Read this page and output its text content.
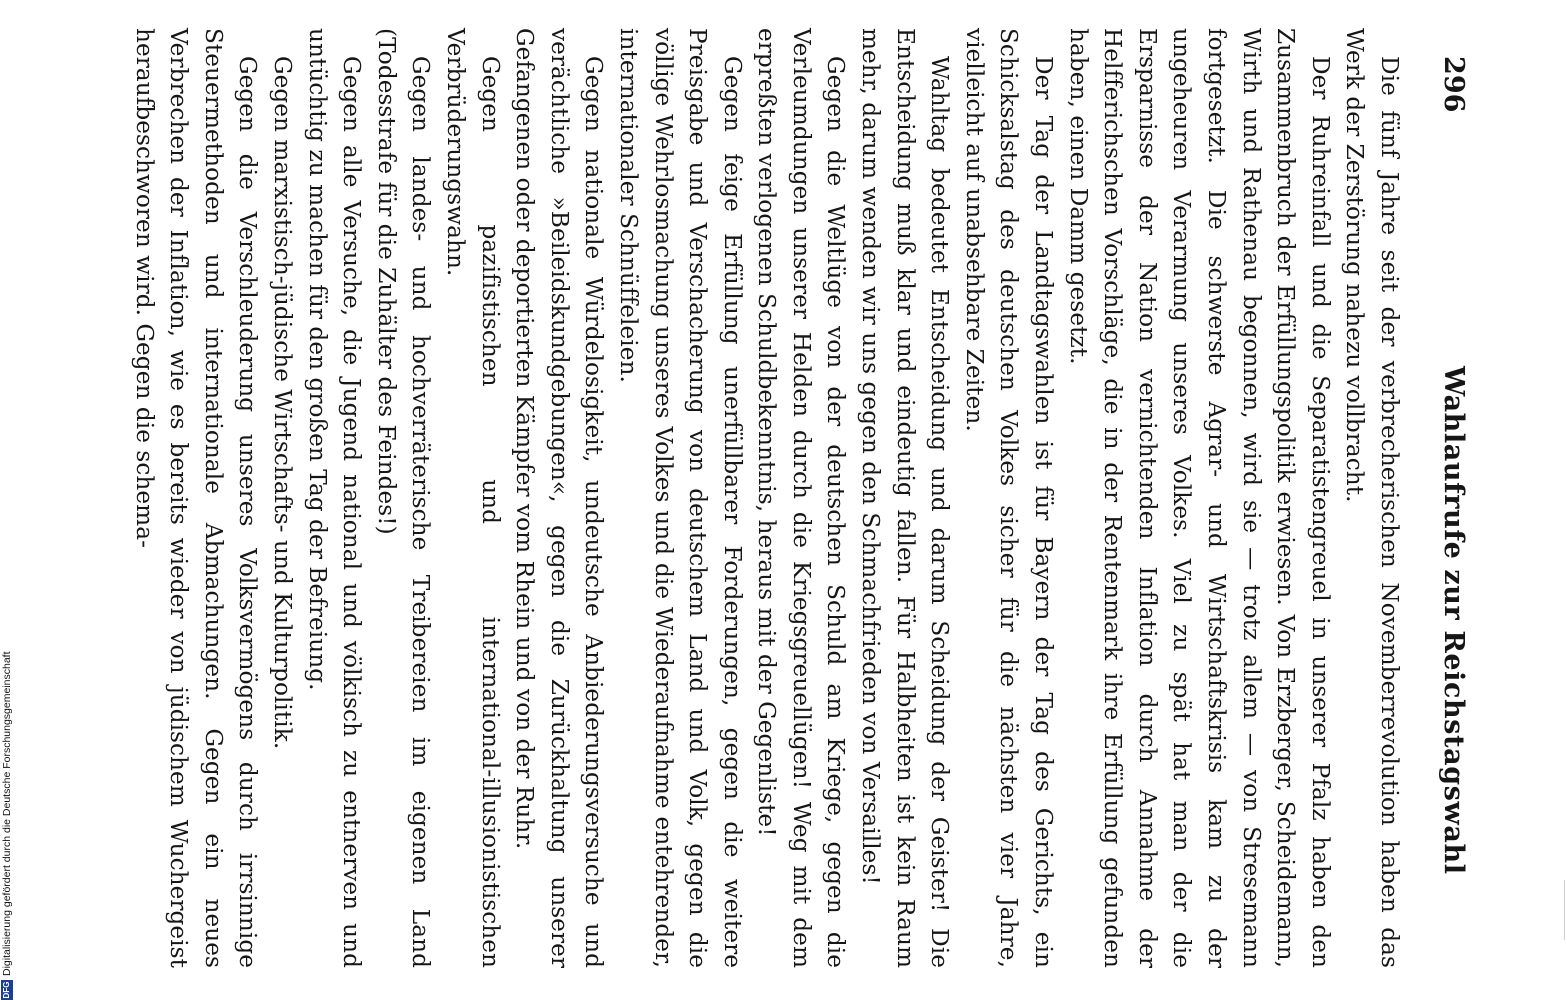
296
Wahlaufrufe zur Reichstagswahl

Die fünf Jahre seit der verbrecherischen Novemberrevolution haben das Werk der Zerstörung nahezu vollbracht.

Der Ruhreinfall und die Separatistengreuel in unserer Pfalz haben den Zusammenbruch der Erfüllungspolitik erwiesen. Von Erzberger, Scheidemann, Wirth und Rathenau begonnen, wird sie — trotz allem — von Stresemann fortgesetzt. Die schwerste Agrar- und Wirtschaftskrisis kam zu der ungeheuren Verarmung unseres Volkes. Viel zu spät hat man der die Ersparnisse der Nation vernichtenden Inflation durch Annahme der Helfferichschen Vorschläge, die in der Rentenmark ihre Erfüllung gefunden haben, einen Damm gesetzt.

Der Tag der Landtagswahlen ist für Bayern der Tag des Gerichts, ein Schicksalstag des deutschen Volkes sicher für die nächsten vier Jahre, vielleicht auf unabsehbare Zeiten.

Wahltag bedeutet Entscheidung und darum Scheidung der Geister! Die Entscheidung muß klar und eindeutig fallen. Für Halbheiten ist kein Raum mehr, darum wenden wir uns gegen den Schmachfrieden von Versailles!

Gegen die Weltlüge von der deutschen Schuld am Kriege, gegen die Verleumdungen unserer Helden durch die Kriegsgreuellügen! Weg mit dem erpreßten verlogenen Schuldbekenntnis, heraus mit der Gegenliste!

Gegen feige Erfüllung unerfüllbarer Forderungen, gegen die weitere Preisgabe und Verschacherung von deutschem Land und Volk, gegen die völlige Wehrlosmachung unseres Volkes und die Wiederaufnahme entehrender, internationaler Schnüffeleien.

Gegen nationale Würdelosigkeit, undeutsche Anbiederungsversuche und verächtliche »Beileidskundgebungen«, gegen die Zurückhaltung unserer Gefangenen oder deportierten Kämpfer vom Rhein und von der Ruhr.

Gegen pazifistischen und international-illusionistischen Verbrüderungswahn.

Gegen landes- und hochverräterische Treibereien im eigenen Land (Todesstrafe für die Zuhälter des Feindes!)

Gegen alle Versuche, die Jugend national und völkisch zu entnerven und untüchtig zu machen für den großen Tag der Befreiung.

Gegen marxistisch-jüdische Wirtschafts- und Kulturpolitik.

Gegen die Verschleuderung unseres Volksvermögens durch irrsinnige Steuermethoden und internationale Abmachungen. Gegen ein neues Verbrechen der Inflation, wie es bereits wieder von jüdischem Wuchergeist heraufbeschworen wird. Gegen die schema-

DFG
Digitalisierung gefördert durch die Deutsche Forschungsgemeinschaft
